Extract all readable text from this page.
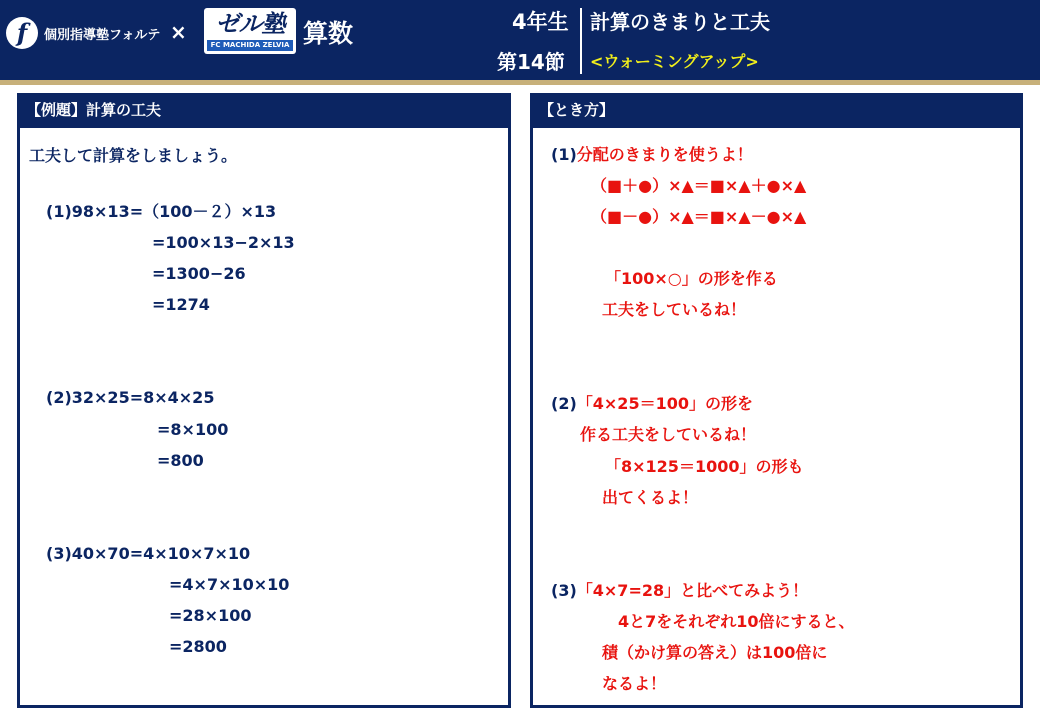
f	個別指導塾フォルテ ×	ゼル塾
FC MACHIDA ZELVIA 算数	4年生
第14節
計算のきまりと工夫
<ウォーミングアップ>
【例題】計算の工夫
工夫して計算をしましょう。
(1)98×13=（100－２）×13
=100×13−2×13
=1300−26
=1274
(2)32×25=8×4×25
=8×100
=800
(3)40×70=4×10×7×10
=4×7×10×10
=28×100
=2800
【とき方】
(1)分配のきまりを使うよ！
（■＋●）×▲＝■×▲＋●×▲
（■－●）×▲＝■×▲－●×▲
「100×○」の形を作る
工夫をしているね！
(2)「4×25＝100」の形を
作る工夫をしているね！
「8×125＝1000」の形も
出てくるよ！
(3)「4×7=28」と比べてみよう！
4と7をそれぞれ10倍にすると、
積（かけ算の答え）は100倍に
なるよ！
